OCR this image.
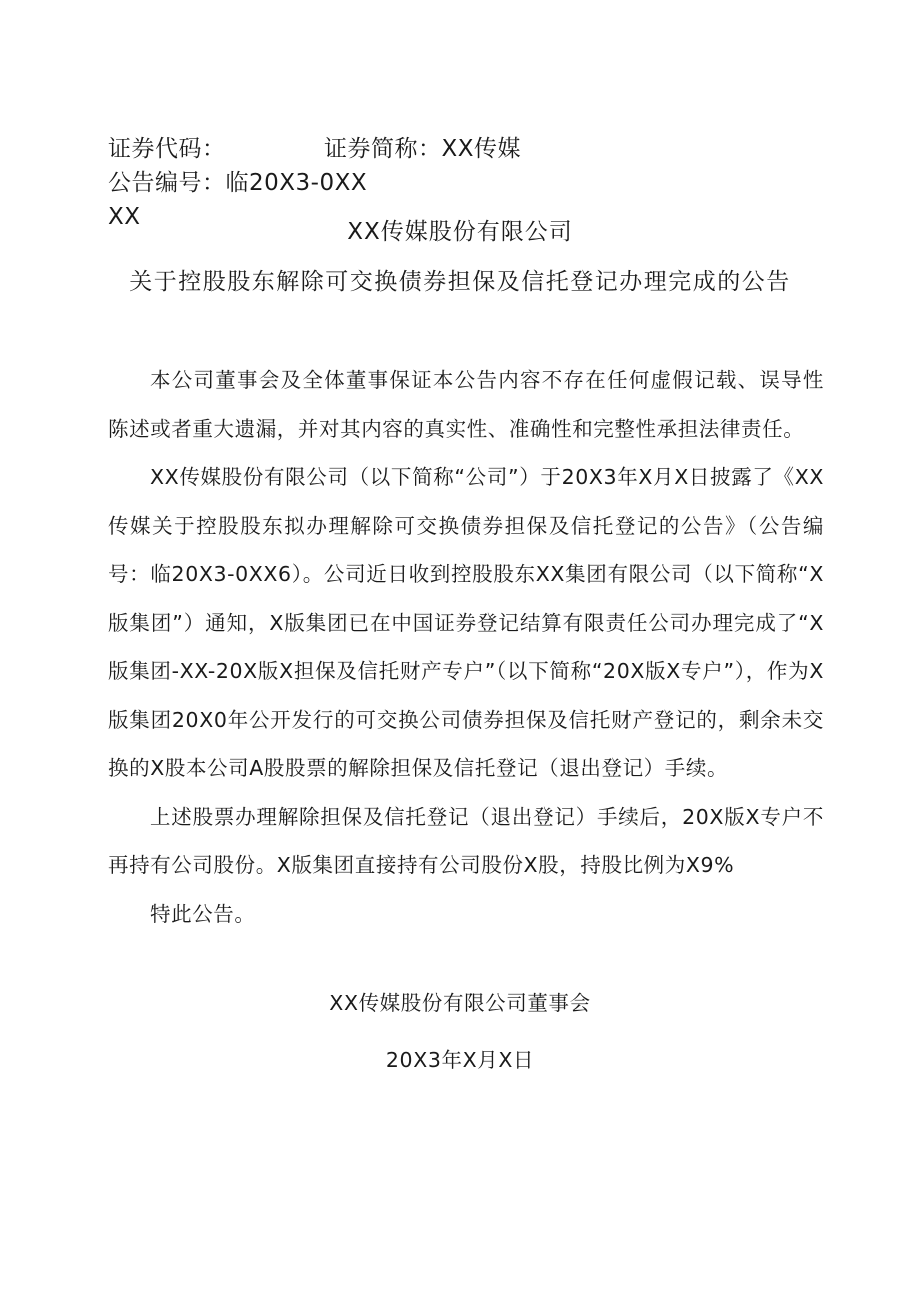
证券代码：	证券简称：XX传媒公告编号：临20X3-0XX
XX
XX传媒股份有限公司
关于控股股东解除可交换债券担保及信托登记办理完成的公告

本公司董事会及全体董事保证本公告内容不存在任何虚假记载、误导性陈述或者重大遗漏，并对其内容的真实性、准确性和完整性承担法律责任。

XX传媒股份有限公司（以下简称“公司”）于20X3年X月X日披露了《XX传媒关于控股股东拟办理解除可交换债券担保及信托登记的公告》（公告编号：临20X3-0XX6）。公司近日收到控股股东XX集团有限公司（以下简称“X版集团”）通知，X版集团已在中国证券登记结算有限责任公司办理完成了“X版集团-XX-20X版X担保及信托财产专户”（以下简称“20X版X专户”），作为X版集团20X0年公开发行的可交换公司债券担保及信托财产登记的，剩余未交换的X股本公司A股股票的解除担保及信托登记（退出登记）手续。

上述股票办理解除担保及信托登记（退出登记）手续后，20X版X专户不再持有公司股份。X版集团直接持有公司股份X股，持股比例为X9%

特此公告。

XX传媒股份有限公司董事会
20X3年X月X日
